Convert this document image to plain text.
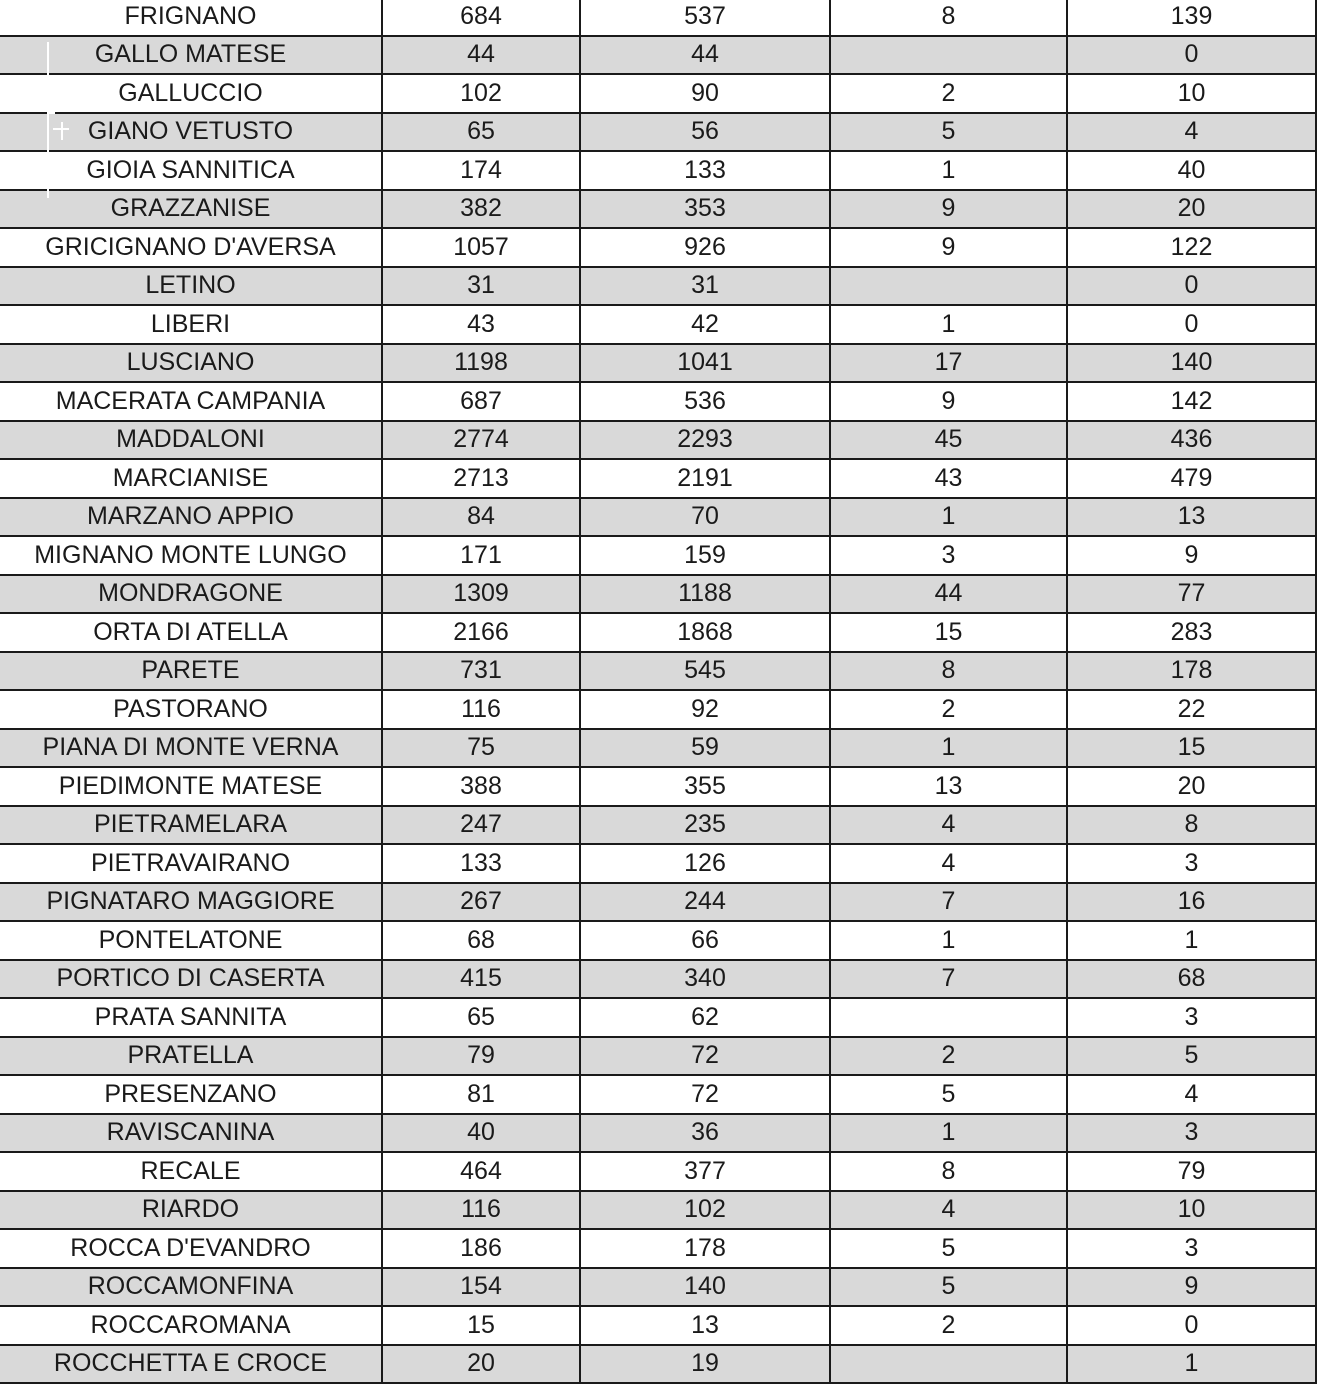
FRIGNANO	684	537	8	139
GALLO MATESE	44	44		0
GALLUCCIO	102	90	2	10
GIANO VETUSTO	65	56	5	4
GIOIA SANNITICA	174	133	1	40
GRAZZANISE	382	353	9	20
GRICIGNANO D'AVERSA	1057	926	9	122
LETINO	31	31		0
LIBERI	43	42	1	0
LUSCIANO	1198	1041	17	140
MACERATA CAMPANIA	687	536	9	142
MADDALONI	2774	2293	45	436
MARCIANISE	2713	2191	43	479
MARZANO APPIO	84	70	1	13
MIGNANO MONTE LUNGO	171	159	3	9
MONDRAGONE	1309	1188	44	77
ORTA DI ATELLA	2166	1868	15	283
PARETE	731	545	8	178
PASTORANO	116	92	2	22
PIANA DI MONTE VERNA	75	59	1	15
PIEDIMONTE MATESE	388	355	13	20
PIETRAMELARA	247	235	4	8
PIETRAVAIRANO	133	126	4	3
PIGNATARO MAGGIORE	267	244	7	16
PONTELATONE	68	66	1	1
PORTICO DI CASERTA	415	340	7	68
PRATA SANNITA	65	62		3
PRATELLA	79	72	2	5
PRESENZANO	81	72	5	4
RAVISCANINA	40	36	1	3
RECALE	464	377	8	79
RIARDO	116	102	4	10
ROCCA D'EVANDRO	186	178	5	3
ROCCAMONFINA	154	140	5	9
ROCCAROMANA	15	13	2	0
ROCCHETTA E CROCE	20	19		1
